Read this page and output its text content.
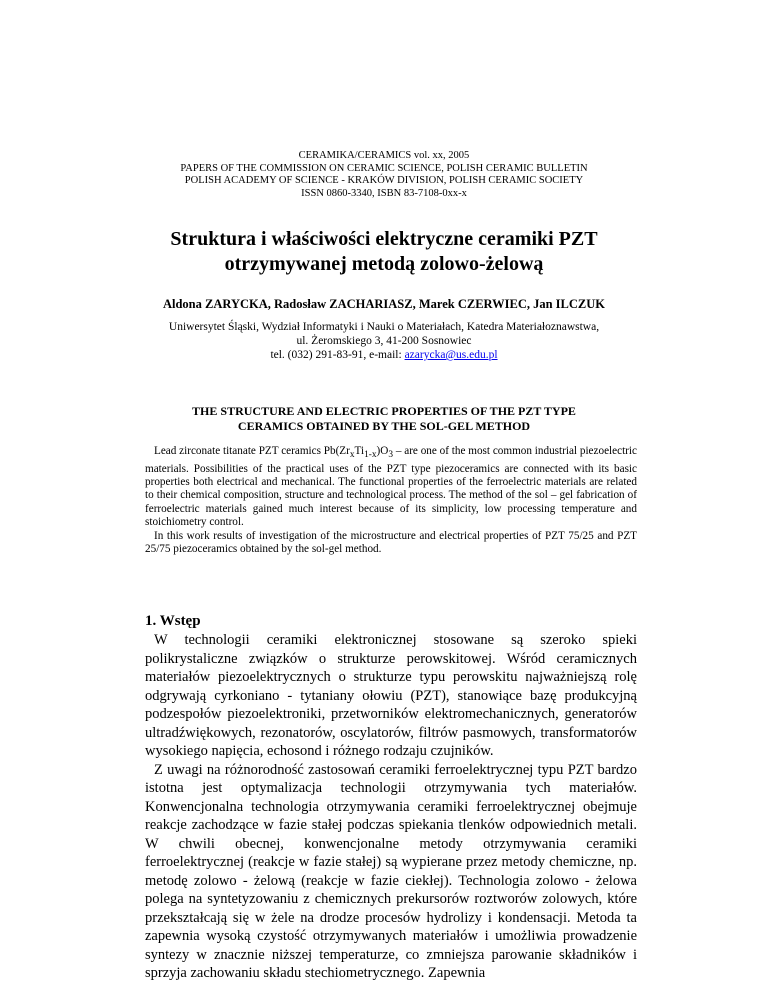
CERAMIKA/CERAMICS vol. xx, 2005
PAPERS OF THE COMMISSION ON CERAMIC SCIENCE, POLISH CERAMIC BULLETIN
POLISH ACADEMY OF SCIENCE - KRAKÓW DIVISION, POLISH CERAMIC SOCIETY
ISSN 0860-3340, ISBN 83-7108-0xx-x
Struktura i właściwości elektryczne ceramiki PZT
otrzymywanej metodą zolowo-żelową
Aldona ZARYCKA, Radosław ZACHARIASZ, Marek CZERWIEC, Jan ILCZUK
Uniwersytet Śląski, Wydział Informatyki i Nauki o Materiałach, Katedra Materiałoznawstwa,
ul. Żeromskiego 3, 41-200 Sosnowiec
tel. (032) 291-83-91, e-mail: azarycka@us.edu.pl
THE STRUCTURE AND ELECTRIC PROPERTIES OF THE PZT TYPE
CERAMICS OBTAINED BY THE SOL-GEL METHOD

Lead zirconate titanate PZT ceramics $Pb(Zr_xTi_{1-x})O_3$ – are one of the most common industrial piezoelectric materials. Possibilities of the practical uses of the PZT type piezoceramics are connected with its basic properties both electrical and mechanical. The functional properties of the ferroelectric materials are related to their chemical composition, structure and technological process. The method of the sol – gel fabrication of ferroelectric materials gained much interest because of its simplicity, low processing temperature and stoichiometry control.

In this work results of investigation of the microstructure and electrical properties of PZT 75/25 and PZT 25/75 piezoceramics obtained by the sol-gel method.

1. Wstęp

W technologii ceramiki elektronicznej stosowane są szeroko spieki polikrystaliczne związków o strukturze perowskitowej. Wśród ceramicznych materiałów piezoelektrycznych o strukturze typu perowskitu najważniejszą rolę odgrywają cyrkoniano - tytaniany ołowiu (PZT), stanowiące bazę produkcyjną podzespołów piezoelektroniki, przetworników elektromechanicznych, generatorów ultradźwiękowych, rezonatorów, oscylatorów, filtrów pasmowych, transformatorów wysokiego napięcia, echosond i różnego rodzaju czujników.

Z uwagi na różnorodność zastosowań ceramiki ferroelektrycznej typu PZT bardzo istotna jest optymalizacja technologii otrzymywania tych materiałów. Konwencjonalna technologia otrzymywania ceramiki ferroelektrycznej obejmuje reakcje zachodzące w fazie stałej podczas spiekania tlenków odpowiednich metali. W chwili obecnej, konwencjonalne metody otrzymywania ceramiki ferroelektrycznej (reakcje w fazie stałej) są wypierane przez metody chemiczne, np. metodę zolowo - żelową (reakcje w fazie ciekłej). Technologia zolowo - żelowa polega na syntetyzowaniu z chemicznych prekursorów roztworów zolowych, które przekształcają się w żele na drodze procesów hydrolizy i kondensacji. Metoda ta zapewnia wysoką czystość otrzymywanych materiałów i umożliwia prowadzenie syntezy w znacznie niższej temperaturze, co zmniejsza parowanie składników i sprzyja zachowaniu składu stechiometrycznego. Zapewnia
